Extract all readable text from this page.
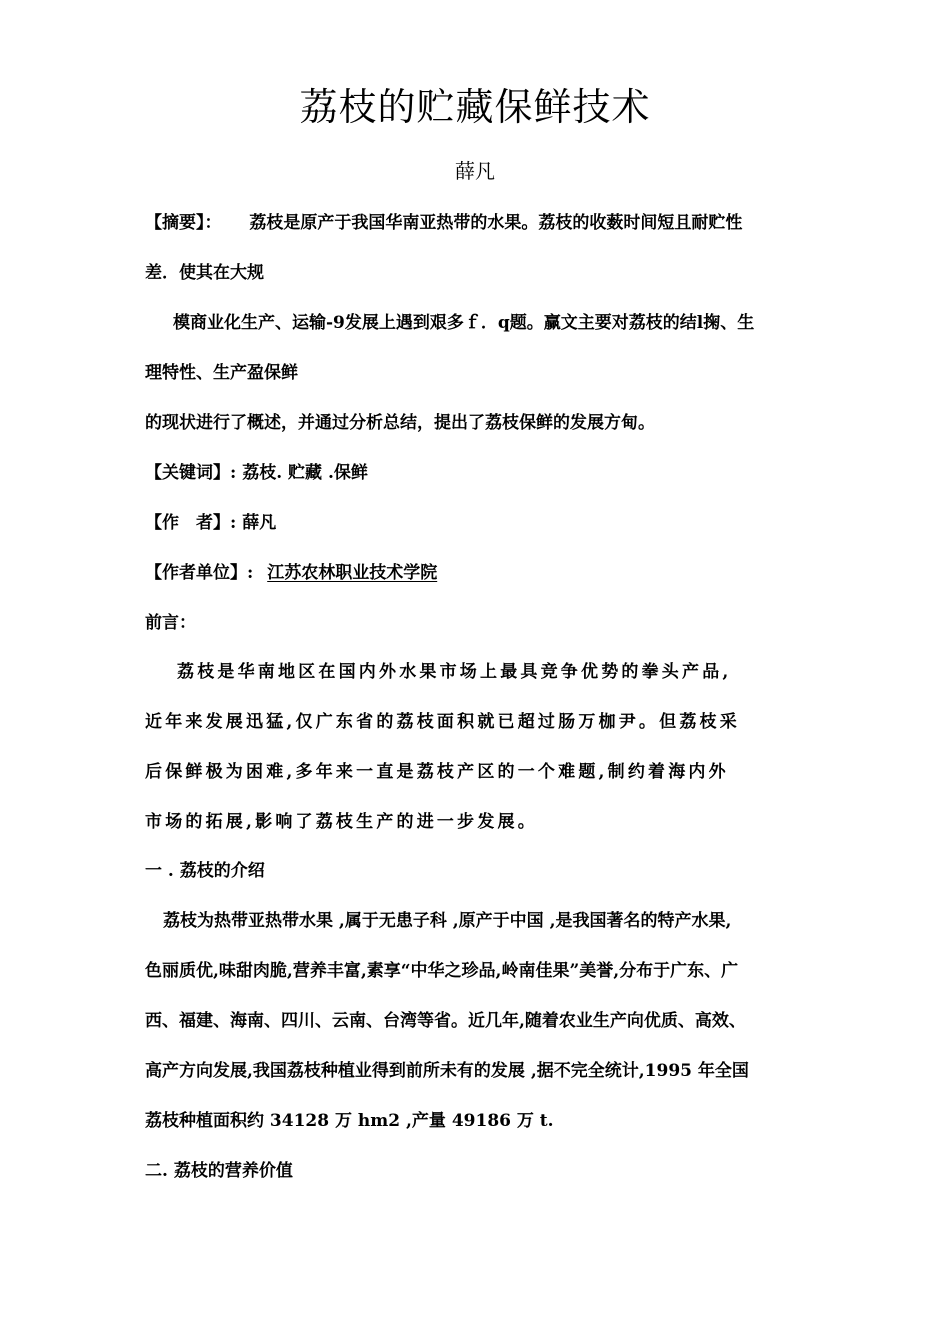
荔枝的贮藏保鲜技术
薛凡
【摘要】： 荔枝是原产于我国华南亚热带的水果。荔枝的收薮时间短且耐贮性
差．使其在大规
模商业化生产、运输-9发展上遇到艰多ｆ．q题。赢文主要对荔枝的结l掬、生
理特性、生产盈保鲜
的现状进行了概述，并通过分析总结，提出了荔枝保鲜的发展方甸。
【关键词】: 荔枝. 贮藏 .保鲜
【作　者】: 薛凡
【作者单位】: 江苏农林职业技术学院
前言：
荔枝是华南地区在国内外水果市场上最具竞争优势的拳头产品,
近年来发展迅猛,仅广东省的荔枝面积就已超过肠万枷尹。但荔枝采
后保鲜极为困难,多年来一直是荔枝产区的一个难题,制约着海内外
市场的拓展,影响了荔枝生产的进一步发展。
一 . 荔枝的介绍
荔枝为热带亚热带水果 ,属于无患子科 ,原产于中国 ,是我国著名的特产水果,
色丽质优,味甜肉脆,营养丰富,素享“中华之珍品,岭南佳果”美誉,分布于广东、广
西、福建、海南、四川、云南、台湾等省。近几年,随着农业生产向优质、高效、
高产方向发展,我国荔枝种植业得到前所未有的发展 ,据不完全统计,1995 年全国
荔枝种植面积约 34128 万 hm2 ,产量 49186 万 t.
二. 荔枝的营养价值
